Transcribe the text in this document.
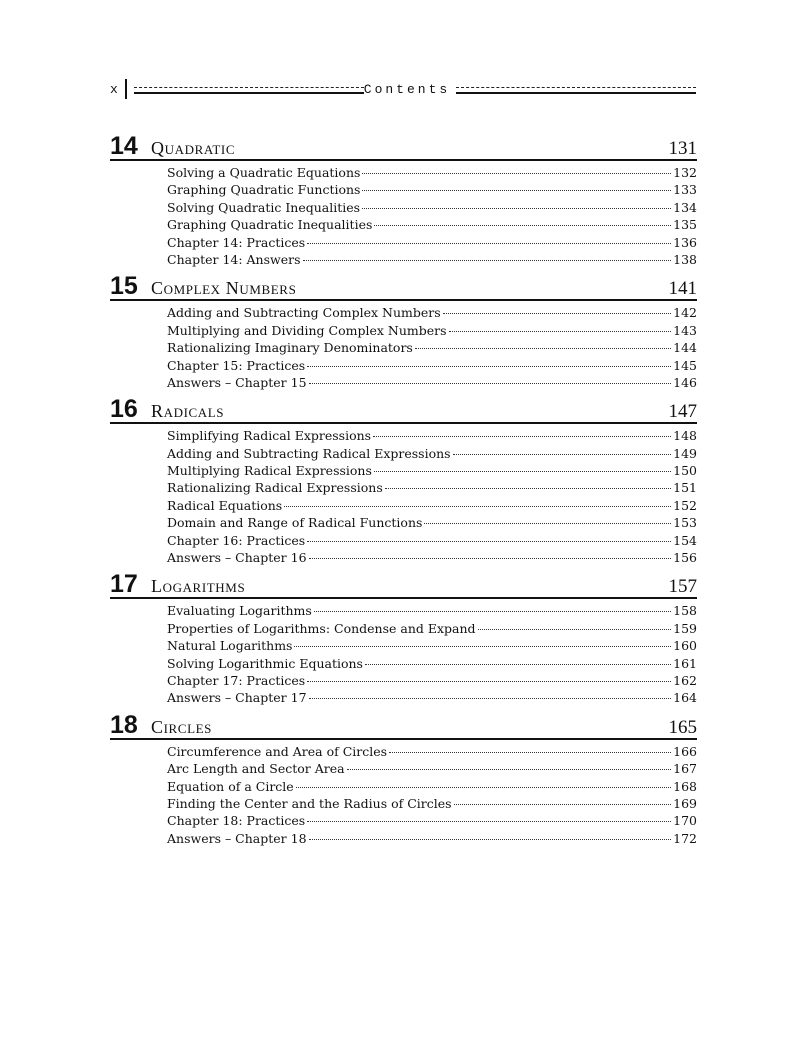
x	Contents
14 Quadratic	131
Solving a Quadratic Equations	132
Graphing Quadratic Functions	133
Solving Quadratic Inequalities	134
Graphing Quadratic Inequalities	135
Chapter 14: Practices	136
Chapter 14: Answers	138
15 Complex Numbers	141
Adding and Subtracting Complex Numbers	142
Multiplying and Dividing Complex Numbers	143
Rationalizing Imaginary Denominators	144
Chapter 15: Practices	145
Answers – Chapter 15	146
16 Radicals	147
Simplifying Radical Expressions	148
Adding and Subtracting Radical Expressions	149
Multiplying Radical Expressions	150
Rationalizing Radical Expressions	151
Radical Equations	152
Domain and Range of Radical Functions	153
Chapter 16: Practices	154
Answers – Chapter 16	156
17 Logarithms	157
Evaluating Logarithms	158
Properties of Logarithms: Condense and Expand	159
Natural Logarithms	160
Solving Logarithmic Equations	161
Chapter 17: Practices	162
Answers – Chapter 17	164
18 Circles	165
Circumference and Area of Circles	166
Arc Length and Sector Area	167
Equation of a Circle	168
Finding the Center and the Radius of Circles	169
Chapter 18: Practices	170
Answers – Chapter 18	172
